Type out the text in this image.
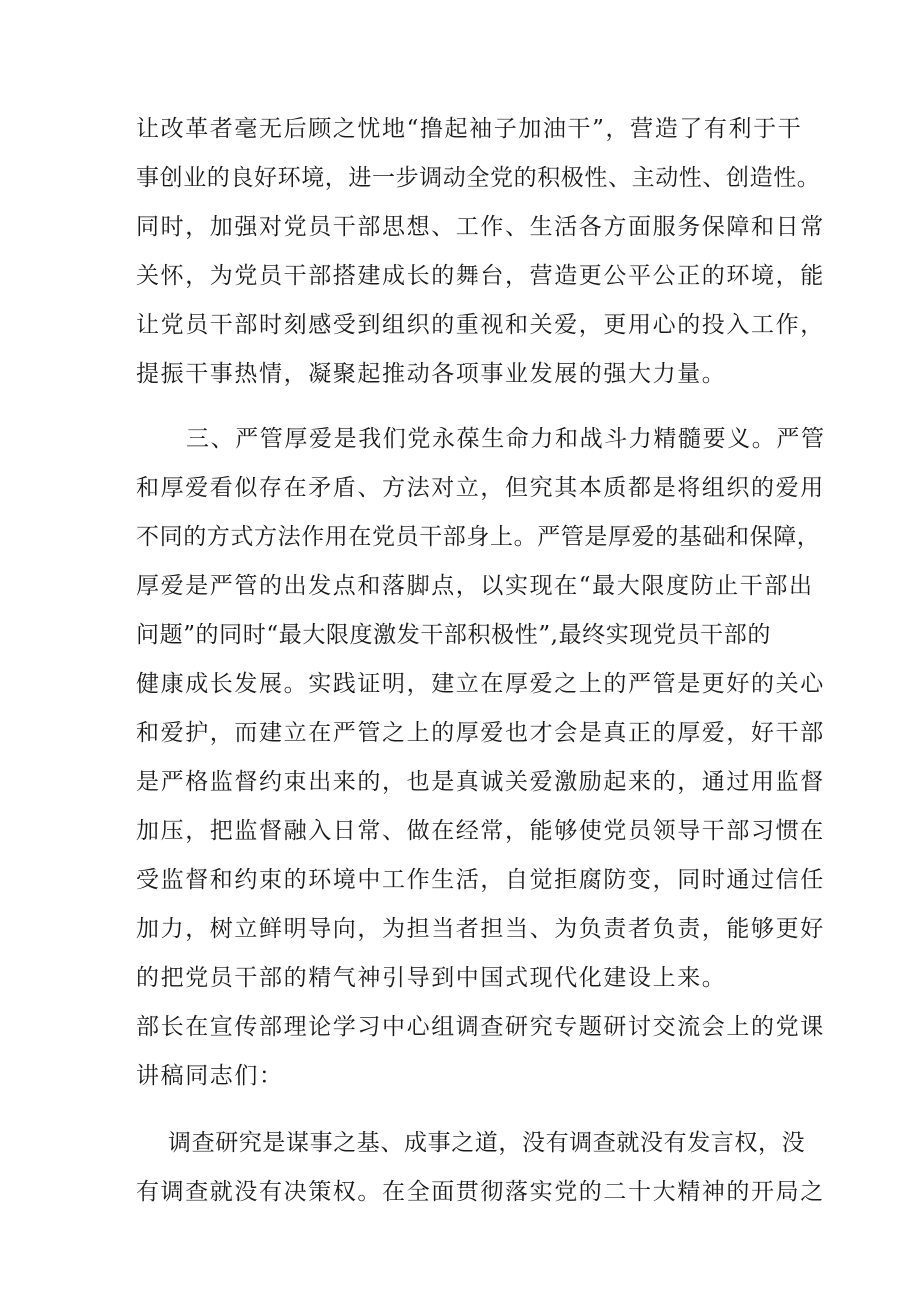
让改革者毫无后顾之忧地“撸起袖子加油干”，营造了有利于干
事创业的良好环境，进一步调动全党的积极性、主动性、创造性。
同时，加强对党员干部思想、工作、生活各方面服务保障和日常
关怀，为党员干部搭建成长的舞台，营造更公平公正的环境，能
让党员干部时刻感受到组织的重视和关爱，更用心的投入工作，
提振干事热情，凝聚起推动各项事业发展的强大力量。
三、严管厚爱是我们党永葆生命力和战斗力精髓要义。严管
和厚爱看似存在矛盾、方法对立，但究其本质都是将组织的爱用
不同的方式方法作用在党员干部身上。严管是厚爱的基础和保障，
厚爱是严管的出发点和落脚点，以实现在“最大限度防止干部出
问题”的同时“最大限度激发干部积极性”,最终实现党员干部的
健康成长发展。实践证明，建立在厚爱之上的严管是更好的关心
和爱护，而建立在严管之上的厚爱也才会是真正的厚爱，好干部
是严格监督约束出来的，也是真诚关爱激励起来的，通过用监督
加压，把监督融入日常、做在经常，能够使党员领导干部习惯在
受监督和约束的环境中工作生活，自觉拒腐防变，同时通过信任
加力，树立鲜明导向，为担当者担当、为负责者负责，能够更好
的把党员干部的精气神引导到中国式现代化建设上来。
部长在宣传部理论学习中心组调查研究专题研讨交流会上的党课
讲稿同志们：
调查研究是谋事之基、成事之道，没有调查就没有发言权，没
有调查就没有决策权。在全面贯彻落实党的二十大精神的开局之
